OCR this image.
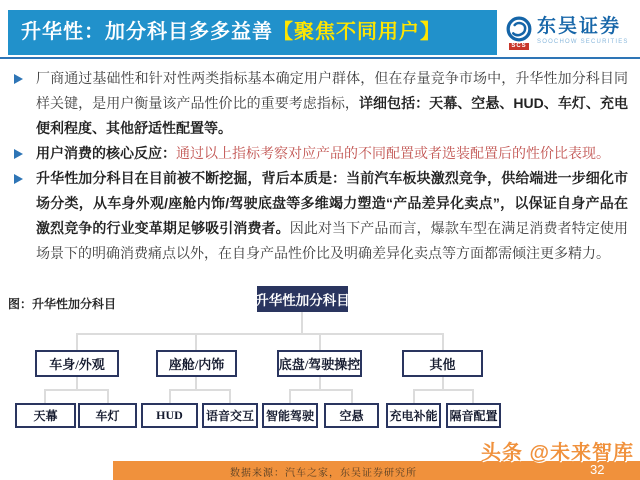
升华性：加分科目多多益善【聚焦不同用户】
SCS
东吴证券
SOOCHOW SECURITIES

厂商通过基础性和针对性两类指标基本确定用户群体，但在存量竞争市场中，升华性加分科目同样关键，是用户衡量该产品性价比的重要考虑指标，详细包括：天幕、空悬、HUD、车灯、充电便利程度、其他舒适性配置等。

用户消费的核心反应：通过以上指标考察对应产品的不同配置或者选装配置后的性价比表现。

升华性加分科目在目前被不断挖掘，背后本质是：当前汽车板块激烈竞争，供给端进一步细化市场分类，从车身外观/座舱内饰/驾驶底盘等多维竭力塑造“产品差异化卖点”，以保证自身产品在激烈竞争的行业变革期足够吸引消费者。因此对当下产品而言，爆款车型在满足消费者特定使用场景下的明确消费痛点以外，在自身产品性价比及明确差异化卖点等方面都需倾注更多精力。

图：升华性加分科目	升华性加分科目
车身/外观	座舱/内饰	底盘/驾驶操控	其他
天幕	车灯	HUD	语音交互 智能驾驶	空悬	充电补能 隔音配置
数据来源：汽车之家，东吴证券研究所	32
头条 @未来智库
